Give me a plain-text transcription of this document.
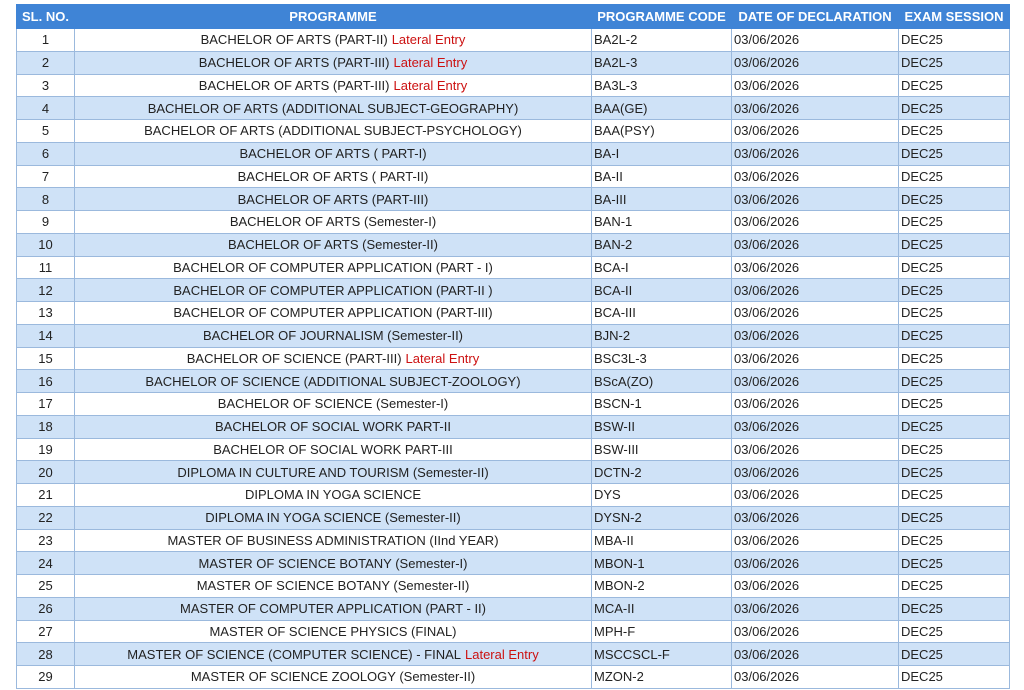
SL. NO.	PROGRAMME	PROGRAMME CODE	DATE OF DECLARATION	EXAM SESSION
1	BACHELOR OF ARTS (PART-II) Lateral Entry	BA2L-2	03/06/2026	DEC25
2	BACHELOR OF ARTS (PART-III) Lateral Entry	BA2L-3	03/06/2026	DEC25
3	BACHELOR OF ARTS (PART-III) Lateral Entry	BA3L-3	03/06/2026	DEC25
4	BACHELOR OF ARTS (ADDITIONAL SUBJECT-GEOGRAPHY)	BAA(GE)	03/06/2026	DEC25
5	BACHELOR OF ARTS (ADDITIONAL SUBJECT-PSYCHOLOGY)	BAA(PSY)	03/06/2026	DEC25
6	BACHELOR OF ARTS ( PART-I)	BA-I	03/06/2026	DEC25
7	BACHELOR OF ARTS ( PART-II)	BA-II	03/06/2026	DEC25
8	BACHELOR OF ARTS (PART-III)	BA-III	03/06/2026	DEC25
9	BACHELOR OF ARTS (Semester-I)	BAN-1	03/06/2026	DEC25
10	BACHELOR OF ARTS (Semester-II)	BAN-2	03/06/2026	DEC25
11	BACHELOR OF COMPUTER APPLICATION (PART - I)	BCA-I	03/06/2026	DEC25
12	BACHELOR OF COMPUTER APPLICATION (PART-II )	BCA-II	03/06/2026	DEC25
13	BACHELOR OF COMPUTER APPLICATION (PART-III)	BCA-III	03/06/2026	DEC25
14	BACHELOR OF JOURNALISM (Semester-II)	BJN-2	03/06/2026	DEC25
15	BACHELOR OF SCIENCE (PART-III) Lateral Entry	BSC3L-3	03/06/2026	DEC25
16	BACHELOR OF SCIENCE (ADDITIONAL SUBJECT-ZOOLOGY)	BScA(ZO)	03/06/2026	DEC25
17	BACHELOR OF SCIENCE (Semester-I)	BSCN-1	03/06/2026	DEC25
18	BACHELOR OF SOCIAL WORK PART-II	BSW-II	03/06/2026	DEC25
19	BACHELOR OF SOCIAL WORK PART-III	BSW-III	03/06/2026	DEC25
20	DIPLOMA IN CULTURE AND TOURISM (Semester-II)	DCTN-2	03/06/2026	DEC25
21	DIPLOMA IN YOGA SCIENCE	DYS	03/06/2026	DEC25
22	DIPLOMA IN YOGA SCIENCE (Semester-II)	DYSN-2	03/06/2026	DEC25
23	MASTER OF BUSINESS ADMINISTRATION (IInd YEAR)	MBA-II	03/06/2026	DEC25
24	MASTER OF SCIENCE BOTANY (Semester-I)	MBON-1	03/06/2026	DEC25
25	MASTER OF SCIENCE BOTANY (Semester-II)	MBON-2	03/06/2026	DEC25
26	MASTER OF COMPUTER APPLICATION (PART - II)	MCA-II	03/06/2026	DEC25
27	MASTER OF SCIENCE PHYSICS (FINAL)	MPH-F	03/06/2026	DEC25
28	MASTER OF SCIENCE (COMPUTER SCIENCE) - FINAL Lateral Entry	MSCCSCL-F	03/06/2026	DEC25
29	MASTER OF SCIENCE ZOOLOGY (Semester-II)	MZON-2	03/06/2026	DEC25
